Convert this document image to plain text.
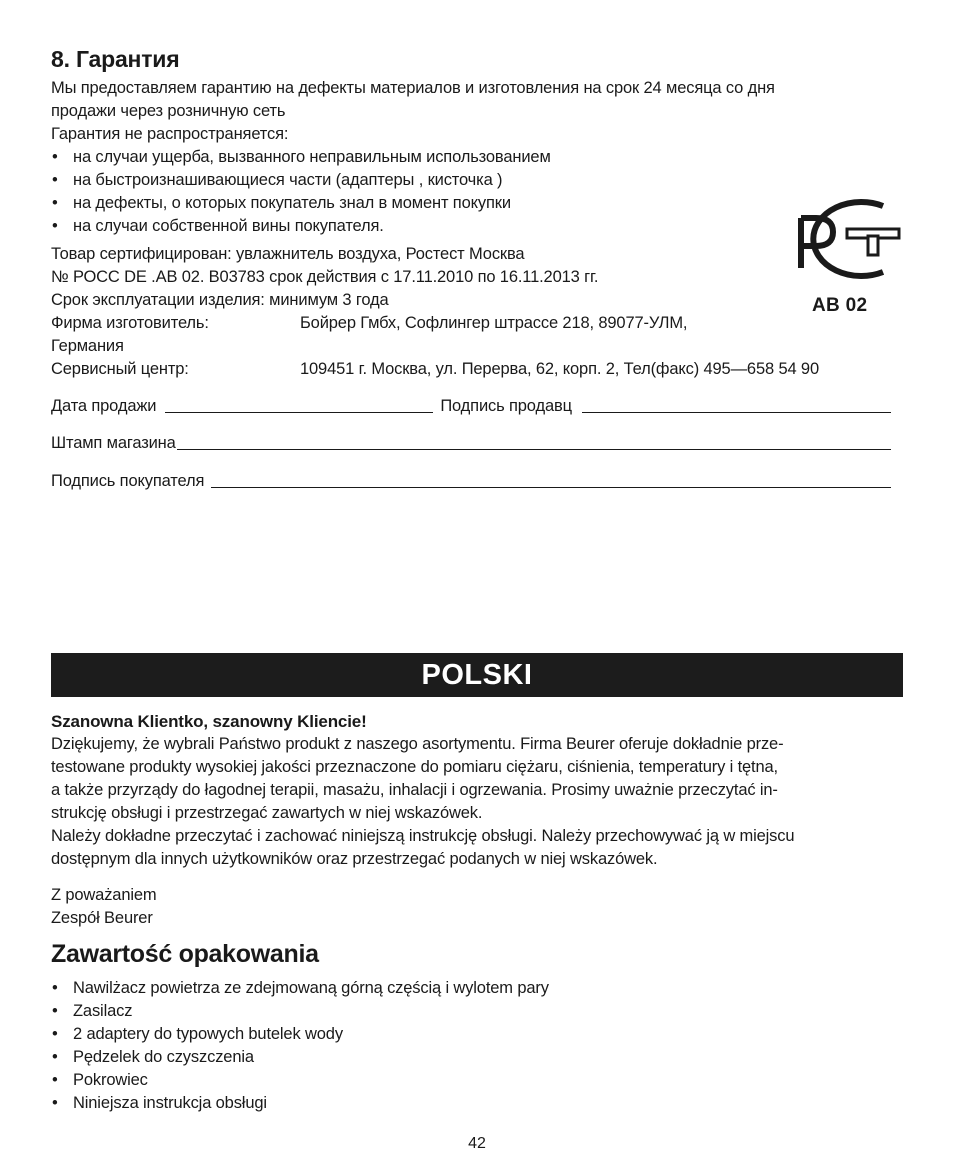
8. Гарантия
Мы предоставляем гарантию на дефекты материалов и изготовления на срок 24 месяца со дня
продажи через розничную сеть
Гарантия не распространяется:
• на случаи ущерба, вызванного неправильным использованием
• на быстроизнашивающиеся части (адаптеры , кисточка )
• на дефекты, о которых покупатель знал в момент покупки
• на случаи собственной вины покупателя.
Товар сертифицирован: увлажнитель воздуха, Ростест Москва
№ РОСС DE .АВ 02. В03783 срок действия с 17.11.2010 по 16.11.2013 гг.
Срок эксплуатации изделия: минимум 3 года
Фирма изготовитель:	Бойрер Гмбх, Софлингер штрассе 218, 89077-УЛМ,
Германия
Сервисный центр:	109451 г. Москва, ул. Перерва, 62, корп. 2, Тел(факс) 495—658 54 90
АВ 02
Дата продажи	Подпись продавц
Штамп магазина
Подпись покупателя
POLSKI
Szanowna Klientko, szanowny Kliencie!
Dziękujemy, że wybrali Państwo produkt z naszego asortymentu. Firma Beurer oferuje dokładnie prze-
testowane produkty wysokiej jakości przeznaczone do pomiaru ciężaru, ciśnienia, temperatury i tętna,
a także przyrządy do łagodnej terapii, masażu, inhalacji i ogrzewania. Prosimy uważnie przeczytać in-
strukcję obsługi i przestrzegać zawartych w niej wskazówek.
Należy dokładne przeczytać i zachować niniejszą instrukcję obsługi. Należy przechowywać ją w miejscu
dostępnym dla innych użytkowników oraz przestrzegać podanych w niej wskazówek.
Z poważaniem
Zespół Beurer
Zawartość opakowania
• Nawilżacz powietrza ze zdejmowaną górną częścią i wylotem pary
• Zasilacz
• 2 adaptery do typowych butelek wody
• Pędzelek do czyszczenia
• Pokrowiec
• Niniejsza instrukcja obsługi
42
